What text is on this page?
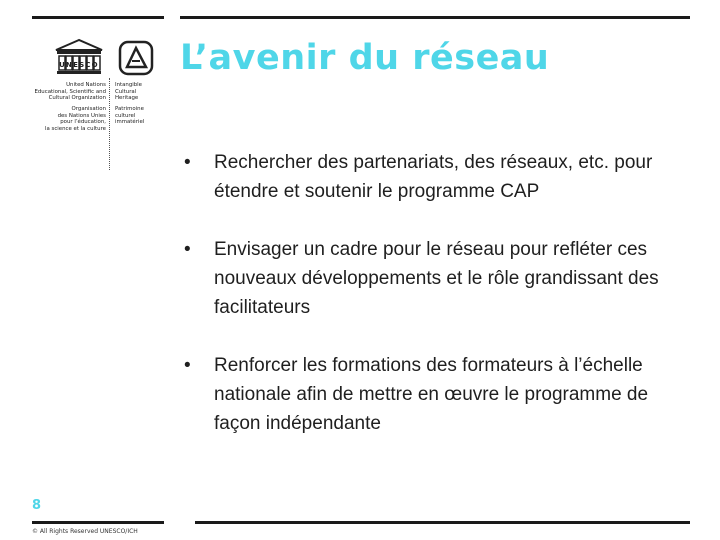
UNESCO
United Nations
Educational, Scientific and
Cultural Organization
Organisation
des Nations Unies
pour l’éducation,
la science et la culture
Intangible
Cultural
Heritage
Patrimoine
culturel
immatériel
L’avenir du réseau
• Rechercher des partenariats, des réseaux, etc. pour étendre et soutenir le programme CAP
• Envisager un cadre pour le réseau pour refléter ces nouveaux développements et le rôle grandissant des facilitateurs
• Renforcer les formations des formateurs à l’échelle nationale afin de mettre en œuvre le programme de façon indépendante
8
© All Rights Reserved UNESCO/ICH
